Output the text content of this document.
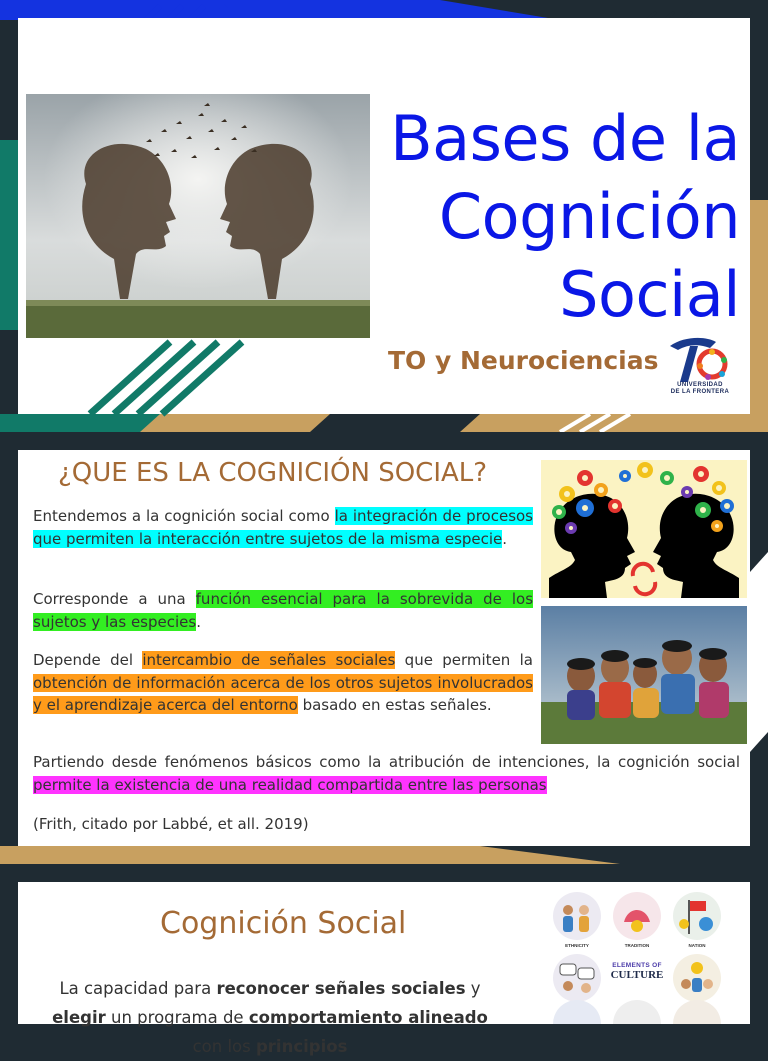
Bases de la
Cognición
Social
TO y Neurociencias
UNIVERSIDAD
DE LA FRONTERA
¿QUE ES LA COGNICIÓN SOCIAL?
Entendemos a la cognición social como la integración de procesos que permiten la interacción entre sujetos de la misma especie.
Corresponde a una función esencial para la sobrevida de los sujetos y las especies.
Depende del intercambio de señales sociales que permiten la obtención de información acerca de los otros sujetos involucrados y el aprendizaje acerca del entorno basado en estas señales.
Partiendo desde fenómenos básicos como la atribución de intenciones, la cognición social permite la existencia de una realidad compartida entre las personas
(Frith, citado por Labbé, et all. 2019)
Cognición Social
La capacidad para reconocer señales sociales y elegir un programa de comportamiento alineado con los principios
ETHNICITY	TRADITION	NATION
ELEMENTS OF
CULTURE
